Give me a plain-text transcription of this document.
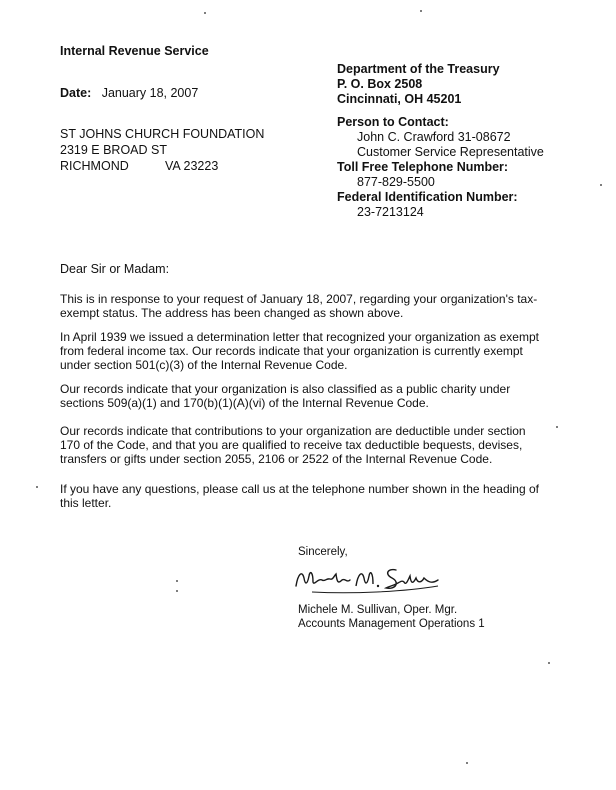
Internal Revenue Service
Date: January 18, 2007
Department of the Treasury
P. O. Box 2508
Cincinnati, OH 45201
ST JOHNS CHURCH FOUNDATION
2319 E BROAD ST
RICHMOND	VA 23223
Person to Contact:
John C. Crawford 31-08672
Customer Service Representative
Toll Free Telephone Number:
877-829-5500
Federal Identification Number:
23-7213124
Dear Sir or Madam:
This is in response to your request of January 18, 2007, regarding your organization's tax-
exempt status. The address has been changed as shown above.
In April 1939 we issued a determination letter that recognized your organization as exempt
from federal income tax. Our records indicate that your organization is currently exempt
under section 501(c)(3) of the Internal Revenue Code.
Our records indicate that your organization is also classified as a public charity under
sections 509(a)(1) and 170(b)(1)(A)(vi) of the Internal Revenue Code.
Our records indicate that contributions to your organization are deductible under section
170 of the Code, and that you are qualified to receive tax deductible bequests, devises,
transfers or gifts under section 2055, 2106 or 2522 of the Internal Revenue Code.
If you have any questions, please call us at the telephone number shown in the heading of
this letter.
Sincerely,
Michele M. Sullivan, Oper. Mgr.
Accounts Management Operations 1
